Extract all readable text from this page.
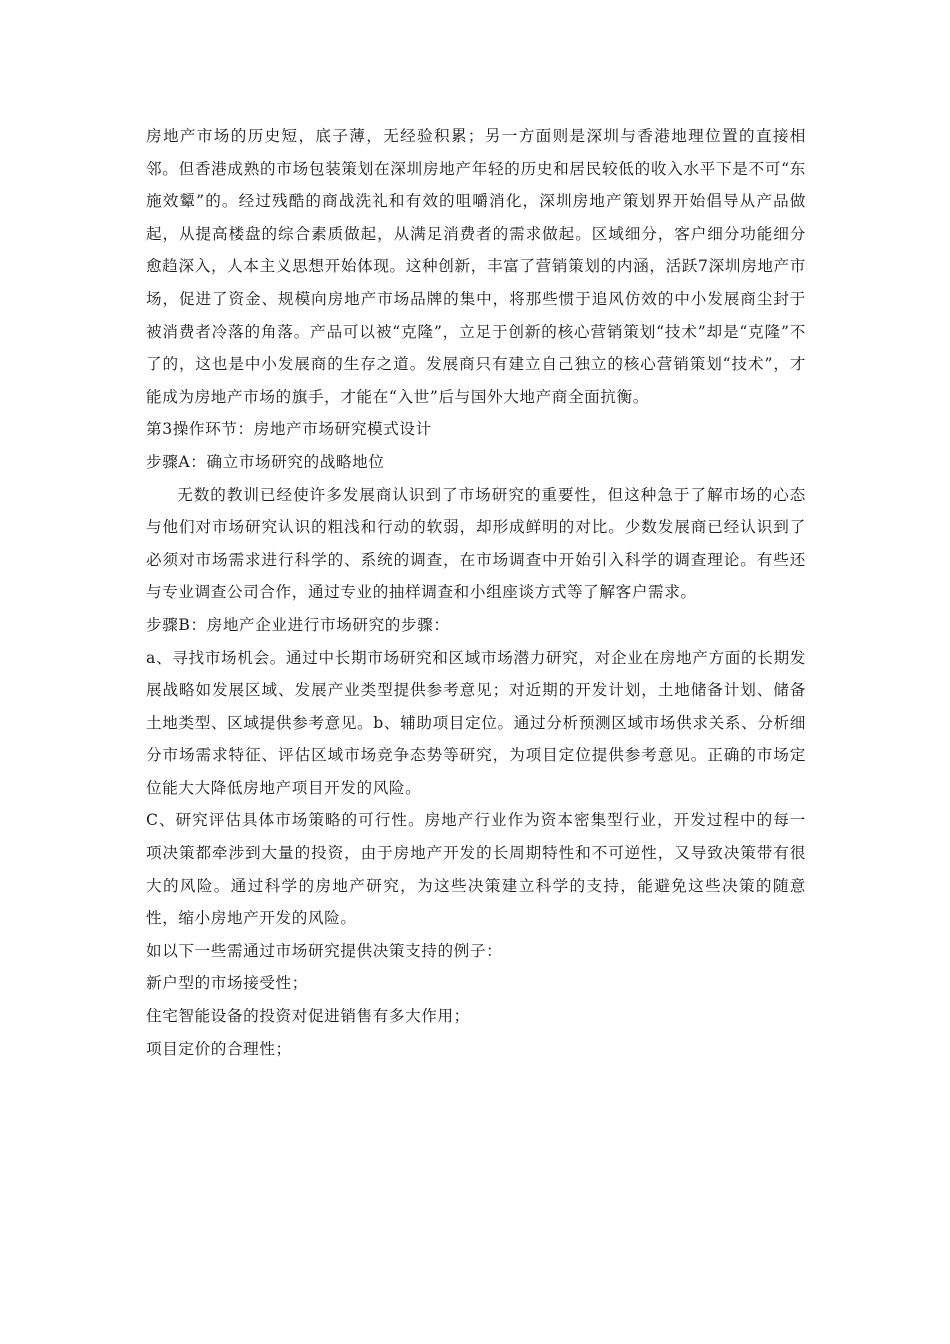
房地产市场的历史短，底子薄，无经验积累；另一方面则是深圳与香港地理位置的直接相邻。但香港成熟的市场包装策划在深圳房地产年轻的历史和居民较低的收入水平下是不可“东施效颦”的。经过残酷的商战洗礼和有效的咀嚼消化，深圳房地产策划界开始倡导从产品做起，从提高楼盘的综合素质做起，从满足消费者的需求做起。区域细分，客户细分功能细分愈趋深入，人本主义思想开始体现。这种创新，丰富了营销策划的内涵，活跃7深圳房地产市场，促进了资金、规模向房地产市场品牌的集中，将那些惯于追风仿效的中小发展商尘封于被消费者冷落的角落。产品可以被“克隆”，立足于创新的核心营销策划“技术”却是“克隆”不了的，这也是中小发展商的生存之道。发展商只有建立自己独立的核心营销策划“技术”，才能成为房地产市场的旗手，才能在“入世”后与国外大地产商全面抗衡。

第3操作环节：房地产市场研究模式设计

步骤A：确立市场研究的战略地位

无数的教训已经使许多发展商认识到了市场研究的重要性，但这种急于了解市场的心态与他们对市场研究认识的粗浅和行动的软弱，却形成鲜明的对比。少数发展商已经认识到了必须对市场需求进行科学的、系统的调查，在市场调查中开始引入科学的调查理论。有些还与专业调查公司合作，通过专业的抽样调查和小组座谈方式等了解客户需求。

步骤B：房地产企业进行市场研究的步骤：

a、寻找市场机会。通过中长期市场研究和区域市场潜力研究，对企业在房地产方面的长期发展战略如发展区域、发展产业类型提供参考意见；对近期的开发计划，土地储备计划、储备土地类型、区域提供参考意见。b、辅助项目定位。通过分析预测区域市场供求关系、分析细分市场需求特征、评估区域市场竞争态势等研究，为项目定位提供参考意见。正确的市场定位能大大降低房地产项目开发的风险。

C、研究评估具体市场策略的可行性。房地产行业作为资本密集型行业，开发过程中的每一项决策都牵涉到大量的投资，由于房地产开发的长周期特性和不可逆性，又导致决策带有很大的风险。通过科学的房地产研究，为这些决策建立科学的支持，能避免这些决策的随意性，缩小房地产开发的风险。

如以下一些需通过市场研究提供决策支持的例子：

新户型的市场接受性；

住宅智能设备的投资对促进销售有多大作用；

项目定价的合理性；
